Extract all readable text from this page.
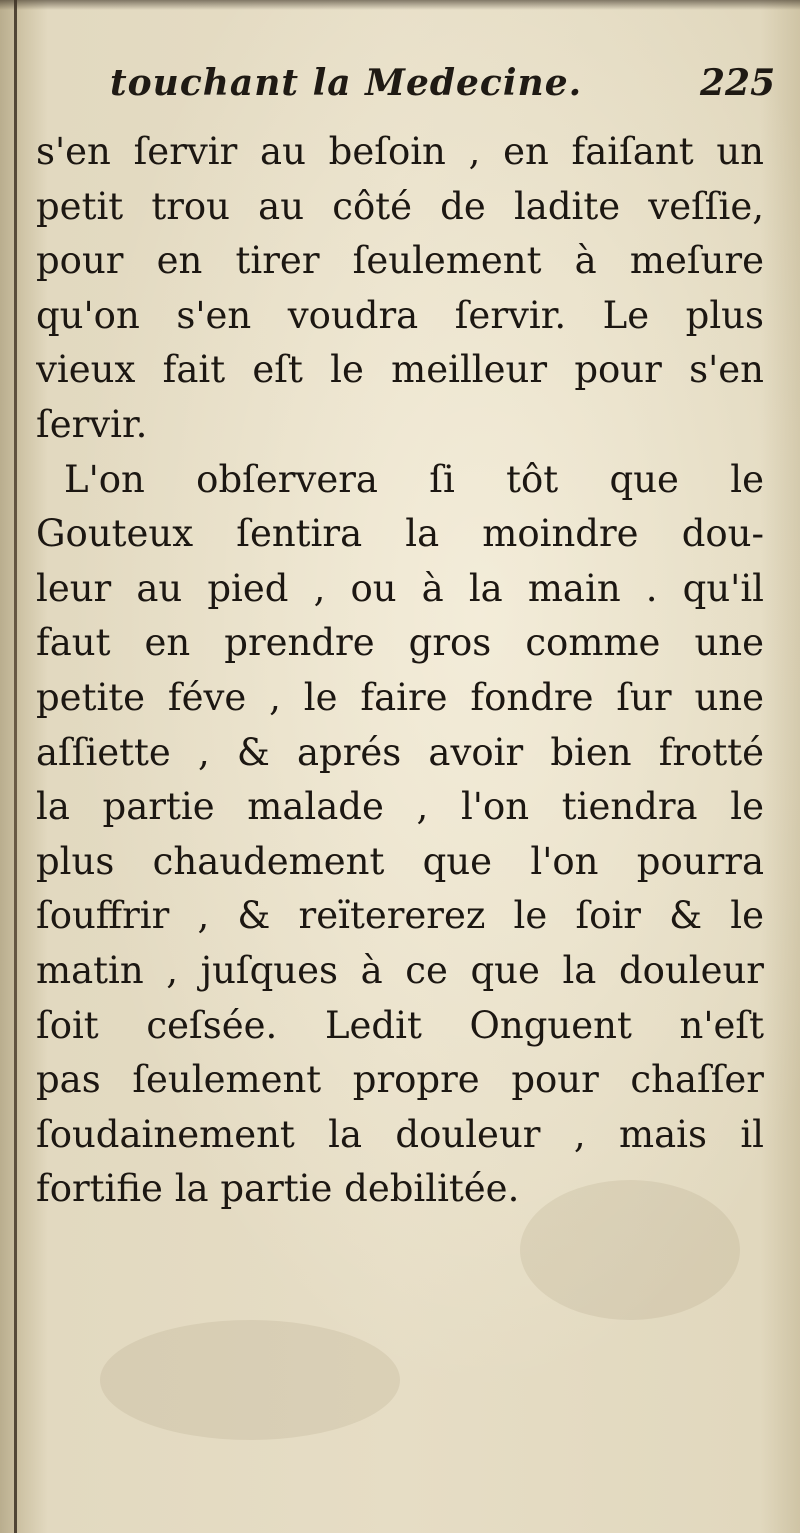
touchant la Medecine.	225
s'en ſervir au beſoin , en faiſant un
petit trou au côté de ladite veſſie,
pour en tirer ſeulement à meſure
qu'on s'en voudra ſervir. Le plus
vieux fait eſt le meilleur pour s'en
ſervir.
L'on obſervera ſi tôt que le
Gouteux ſentira la moindre dou-
leur au pied , ou à la main . qu'il
faut en prendre gros comme une
petite féve , le faire fondre ſur une
aſſiette , & aprés avoir bien frotté
la partie malade , l'on tiendra le
plus chaudement que l'on pourra
ſouffrir , & reïtererez le ſoir & le
matin , juſques à ce que la douleur
ſoit ceſsée. Ledit Onguent n'eſt
pas ſeulement propre pour chaſſer
ſoudainement la douleur , mais il
fortifie la partie debilitée.
